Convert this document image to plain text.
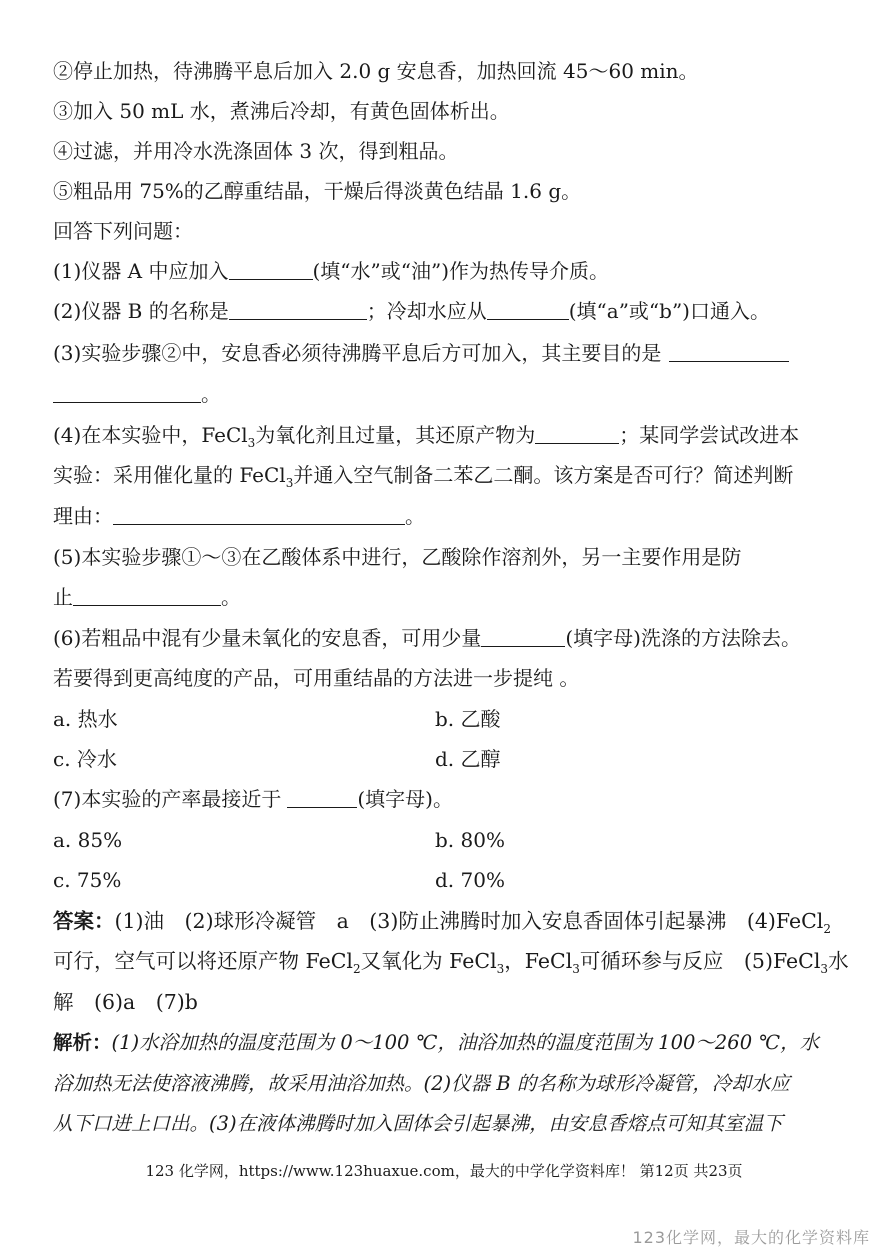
②停止加热，待沸腾平息后加入 2.0 g 安息香，加热回流 45～60 min。
③加入 50 mL 水，煮沸后冷却，有黄色固体析出。
④过滤，并用冷水洗涤固体 3 次，得到粗品。
⑤粗品用 75%的乙醇重结晶，干燥后得淡黄色结晶 1.6 g。
回答下列问题：
(1)仪器 A 中应加入	(填“水”或“油”)作为热传导介质。
(2)仪器 B 的名称是	；冷却水应从	(填“a”或“b”)口通入。
(3)实验步骤②中，安息香必须待沸腾平息后方可加入，其主要目的是
。
(4)在本实验中，FeCl$_3$为氧化剂且过量，其还原产物为	；某同学尝试改进本
实验：采用催化量的 FeCl$_3$并通入空气制备二苯乙二酮。该方案是否可行？简述判断
理由：	。
(5)本实验步骤①～③在乙酸体系中进行，乙酸除作溶剂外，另一主要作用是防
止	。
(6)若粗品中混有少量未氧化的安息香，可用少量	(填字母)洗涤的方法除去。
若要得到更高纯度的产品，可用重结晶的方法进一步提纯 。
a. 热水	b. 乙酸
c. 冷水	d. 乙醇
(7)本实验的产率最接近于	(填字母)。
a. 85%	b. 80%
c. 75%	d. 70%
答案：(1)油　(2)球形冷凝管　a　(3)防止沸腾时加入安息香固体引起暴沸　(4)FeCl$_2$
可行，空气可以将还原产物 FeCl$_2$又氧化为 FeCl$_3$，FeCl$_3$可循环参与反应　(5)FeCl$_3$水
解　(6)a　(7)b
解析：(1)水浴加热的温度范围为 0～100 ℃，油浴加热的温度范围为 100～260 ℃，水
浴加热无法使溶液沸腾，故采用油浴加热。(2)仪器 B 的名称为球形冷凝管，冷却水应
从下口进上口出。(3)在液体沸腾时加入固体会引起暴沸，由安息香熔点可知其室温下
123 化学网，https://www.123huaxue.com，最大的中学化学资料库！ 第12页 共23页
123化学网，最大的化学资料库
